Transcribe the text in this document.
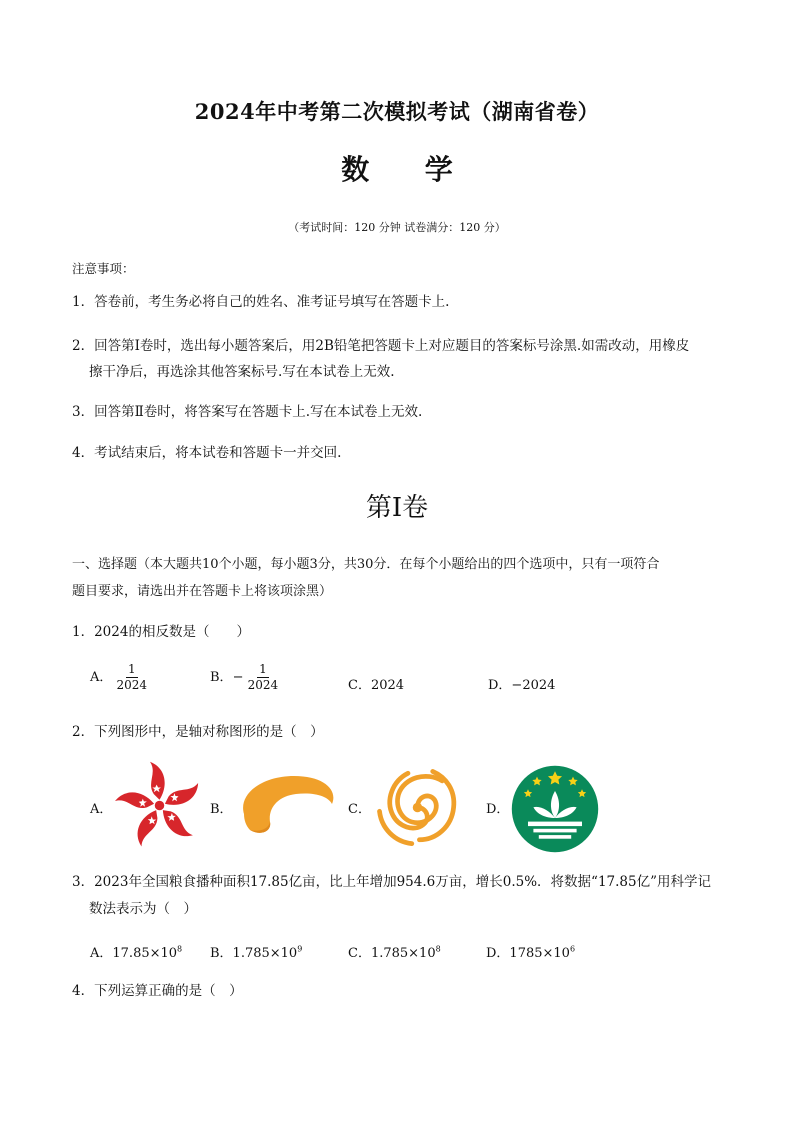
2024年中考第二次模拟考试（湖南省卷）
数 学
（考试时间：120 分钟 试卷满分：120 分）
注意事项：
1．答卷前，考生务必将自己的姓名、准考证号填写在答题卡上.
2．回答第Ⅰ卷时，选出每小题答案后，用2B铅笔把答题卡上对应题目的答案标号涂黑.如需改动，用橡皮
擦干净后，再选涂其他答案标号.写在本试卷上无效.
3．回答第Ⅱ卷时，将答案写在答题卡上.写在本试卷上无效.
4．考试结束后，将本试卷和答题卡一并交回.
第Ⅰ卷
一、选择题（本大题共10个小题，每小题3分，共30分．在每个小题给出的四个选项中，只有一项符合
题目要求，请选出并在答题卡上将该项涂黑）
1．2024的相反数是（　　）
A． $\frac{1}{2024}$	B．− $\frac{1}{2024}$	C．2024	D．−2024
2．下列图形中，是轴对称图形的是（　）
A．	B．	C．	D．
3．2023年全国粮食播种面积17.85亿亩，比上年增加954.6万亩，增长0.5%．将数据“17.85亿”用科学记
数法表示为（　）
A．$17.85\times 10^8$ B．$1.785\times 10^9$	C．$1.785\times 10^8$	D．$1785\times 10^6$
4．下列运算正确的是（　）
